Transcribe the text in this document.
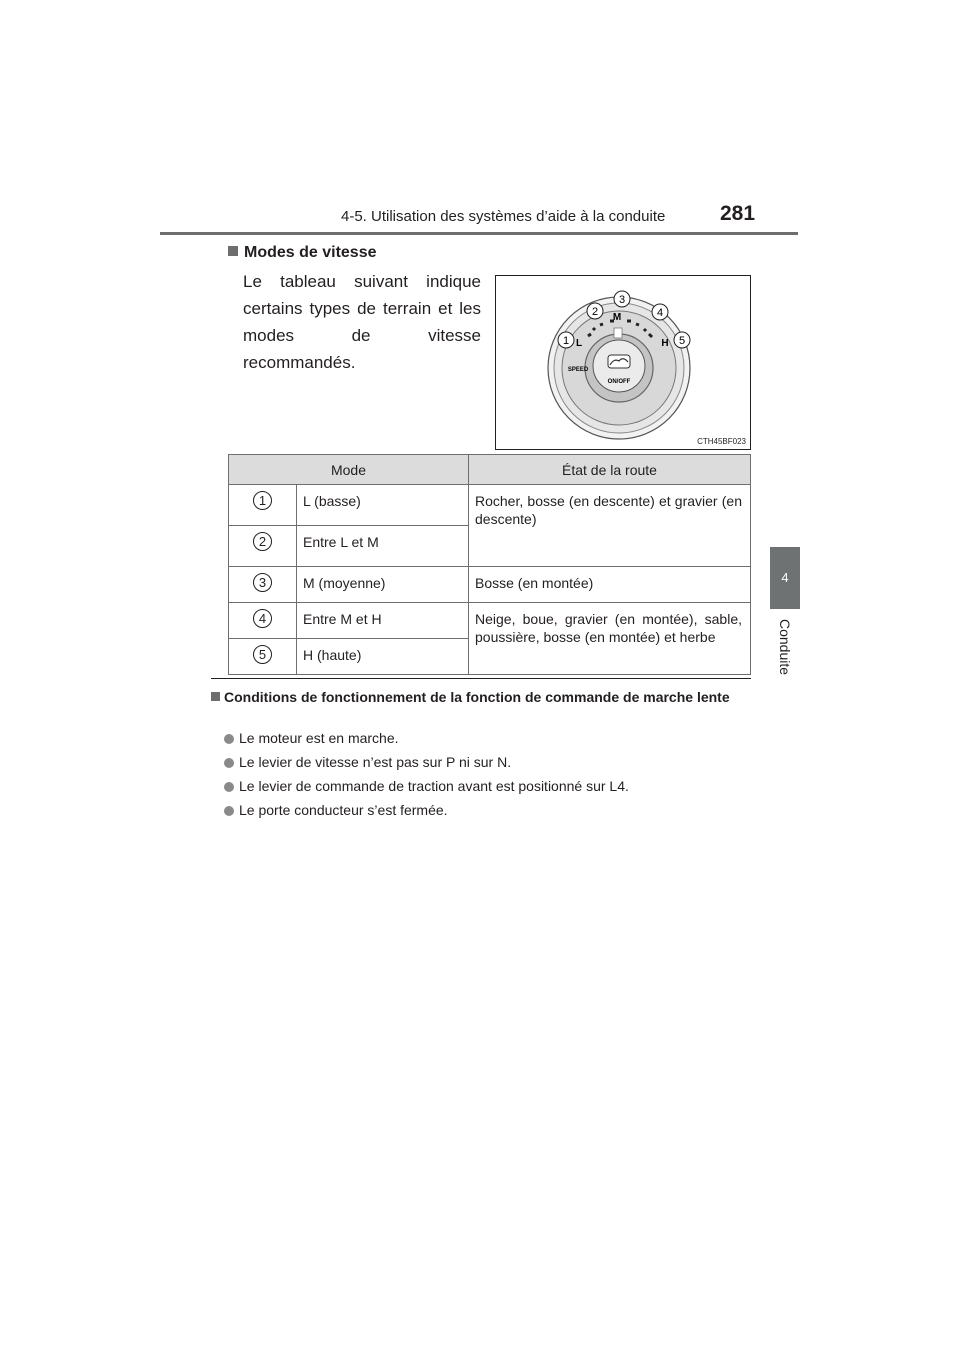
4-5. Utilisation des systèmes d’aide à la conduite	281
4
Conduite
Modes de vitesse
Le tableau suivant indique certains types de terrain et les modes de vitesse recommandés.
M
L	H
SPEED
ON/OFF
1
2
3
4
5
CTH45BF023
Mode		État de la route
1	L (basse)	Rocher, bosse (en descente) et gravier (en descente)
2	Entre L et M	
3	M (moyenne)	Bosse (en montée)
4	Entre M et H	Neige, boue, gravier (en montée), sable, poussière, bosse (en montée) et herbe
5	H (haute)	
Conditions de fonctionnement de la fonction de commande de marche lente
Le moteur est en marche.
Le levier de vitesse n’est pas sur P ni sur N.
Le levier de commande de traction avant est positionné sur L4.
Le porte conducteur s’est fermée.
